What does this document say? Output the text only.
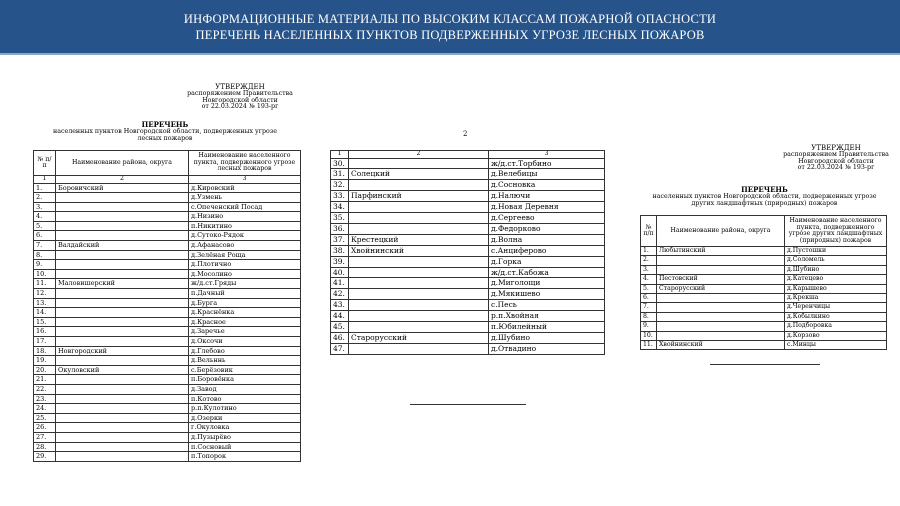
ИНФОРМАЦИОННЫЕ МАТЕРИАЛЫ ПО ВЫСОКИМ КЛАССАМ ПОЖАРНОЙ ОПАСНОСТИ
ПЕРЕЧЕНЬ НАСЕЛЕННЫХ ПУНКТОВ ПОДВЕРЖЕННЫХ УГРОЗЕ ЛЕСНЫХ ПОЖАРОВ
УТВЕРЖДЕН
распоряжением Правительства
Новгородской области
от 22.03.2024 № 193-рг
ПЕРЕЧЕНЬ
населенных пунктов Новгородской области, подверженных угрозе
лесных пожаров
№ п/п	Наименование района, округа	Наименование населенного пункта, подверженного угрозе лесных пожаров
1	2	3
1.	Боровичский	д.Кировский
2.		д.Узмень
3.		с.Опеченский Посад
4.		д.Низино
5.		п.Никитино
6.		д.Сутоко-Рядок
7.	Валдайский	д.Афанасово
8.		д.Зелёная Роща
9.		д.Плотично
10.		д.Мосолино
11.	Маловишерский	ж/д.ст.Гряды
12.		п.Дачный
13.		д.Бурга
14.		д.Краснёнка
15.		д.Красное
16.		д.Заречье
17.		д.Оксочи
18.	Новгородский	д.Глебово
19.		д.Вельннь
20.	Окуловский	с.Берёзовик
21.		п.Боровёнка
22.		д.Завод
23.		п.Котово
24.		р.п.Кулотино
25.		д.Озерки
26.		г.Окуловка
27.		д.Пузырёво
28.		п.Сосновый
29.		п.Топорок
2
1	2	3
30.		ж/д.ст.Торбино
31.	Солецкий	д.Велебицы
32.		д.Сосновка
33.	Парфинский	д.Налючи
34.		д.Новая Деревня
35.		д.Сергеево
36.		д.Федорково
37.	Крестецкий	д.Волна
38.	Хвойнинский	с.Анциферово
39.		д.Горка
40.		ж/д.ст.Кабожа
41.		д.Миголощи
42.		д.Мякишево
43.		с.Песь
44.		р.п.Хвойная
45.		п.Юбилейный
46.	Старорусский	д.Шубино
47.		д.Отвадино
УТВЕРЖДЕН
распоряжением Правительства
Новгородской области
от 22.03.2024 № 193-рг
ПЕРЕЧЕНЬ
населенных пунктов Новгородской области, подверженных угрозе
других ландшафтных (природных) пожаров
№ п/п	Наименование района, округа	Наименование населенного пункта, подверженного угрозе других ландшафтных (природных) пожаров
1.	Любытинский	д.Пустошки
2.		д.Соломель
3.		д.Шубино
4.	Пестовский	д.Катецево
5.	Старорусский	д.Карышево
6.		д.Крекша
7.		д.Черенчицы
8.		д.Кобылкино
9.		д.Подборовка
10.		д.Корзово
11.	Хвойнинский	с.Минцы
